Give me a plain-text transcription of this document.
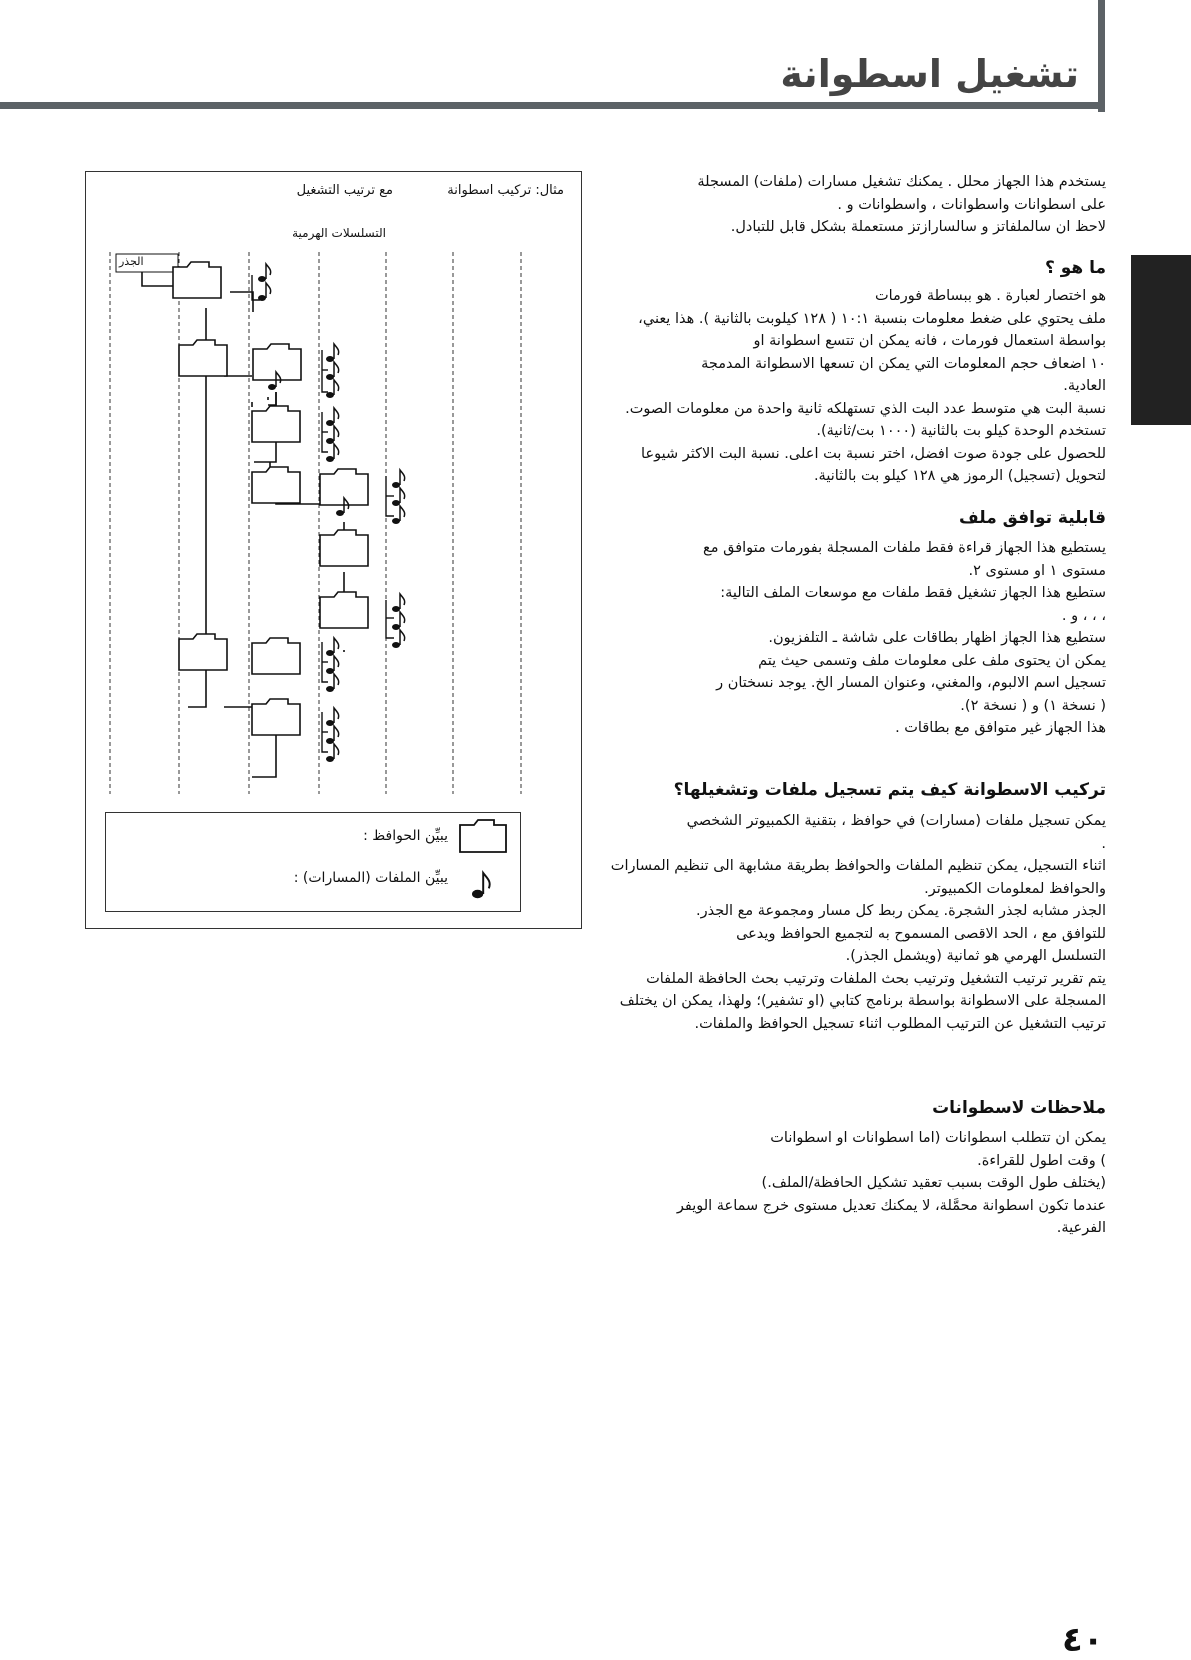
تشغيل اسطوانة
يستخدم هذا الجهاز محلل . يمكنك تشغيل مسارات (ملفات) المسجلة
على اسطوانات واسطوانات ، واسطوانات و .
لاحظ ان سالملفاتز و سالسارازتز مستعملة بشكل قابل للتبادل.
ما هو ؟
هو اختصار لعبارة . هو ببساطة فورمات
ملف يحتوي على ضغط معلومات بنسبة ١٠:١ ( ١٢٨ كيلوبت بالثانية ). هذا يعني،
بواسطة استعمال فورمات ، فانه يمكن ان تتسع اسطوانة او
١٠ اضعاف حجم المعلومات التي يمكن ان تسعها الاسطوانة المدمجة
العادية.
نسبة البت هي متوسط عدد البت الذي تستهلكه ثانية واحدة من معلومات الصوت.
تستخدم الوحدة كيلو بت بالثانية (١٠٠٠ بت/ثانية).
للحصول على جودة صوت افضل، اختر نسبة بت اعلى. نسبة البت الاكثر شيوعا
لتحويل (تسجيل) الرموز هي ١٢٨ كيلو بت بالثانية.
قابلية توافق ملف
يستطيع هذا الجهاز قراءة فقط ملفات المسجلة بفورمات متوافق مع
مستوى ١ او مستوى ٢.
ستطيع هذا الجهاز تشغيل فقط ملفات مع موسعات الملف التالية:
، ، ، و .
ستطيع هذا الجهاز اظهار بطاقات على شاشة ـ التلفزيون.
يمكن ان يحتوى ملف على معلومات ملف وتسمى حيث يتم
تسجيل اسم الالبوم، والمغني، وعنوان المسار الخ. يوجد نسختان ر
( نسخة ١) و ( نسخة ٢).
هذا الجهاز غير متوافق مع بطاقات .
تركيب الاسطوانة كيف يتم تسجيل ملفات وتشغيلها؟
يمكن تسجيل ملفات (مسارات) في حوافظ ، بتقنية الكمبيوتر الشخصي
.
اثناء التسجيل، يمكن تنظيم الملفات والحوافظ بطريقة مشابهة الى تنظيم المسارات
والحوافظ لمعلومات الكمبيوتر.
الجذر مشابه لجذر الشجرة. يمكن ربط كل مسار ومجموعة مع الجذر.
للتوافق مع ، الحد الاقصى المسموح به لتجميع الحوافظ ويدعى
التسلسل الهرمي هو ثمانية (ويشمل الجذر).
يتم تقرير ترتيب التشغيل وترتيب بحث الملفات وترتيب بحث الحافظة الملفات
المسجلة على الاسطوانة بواسطة برنامج كتابي (او تشفير)؛ ولهذا، يمكن ان يختلف
ترتيب التشغيل عن الترتيب المطلوب اثناء تسجيل الحوافظ والملفات.
ملاحظات لاسطوانات
يمكن ان تتطلب اسطوانات (اما اسطوانات او اسطوانات
) وقت اطول للقراءة.
(يختلف طول الوقت بسبب تعقيد تشكيل الحافظة/الملف.)
عندما تكون اسطوانة محمَّلة، لا يمكنك تعديل مستوى خرج سماعة الويفر
الفرعية.
مثال: تركيب اسطوانة
مع ترتيب التشغيل
التسلسلات الهرمية
الجذر
يبيِّن الحوافظ :
يبيِّن الملفات (المسارات) :
٤٠
